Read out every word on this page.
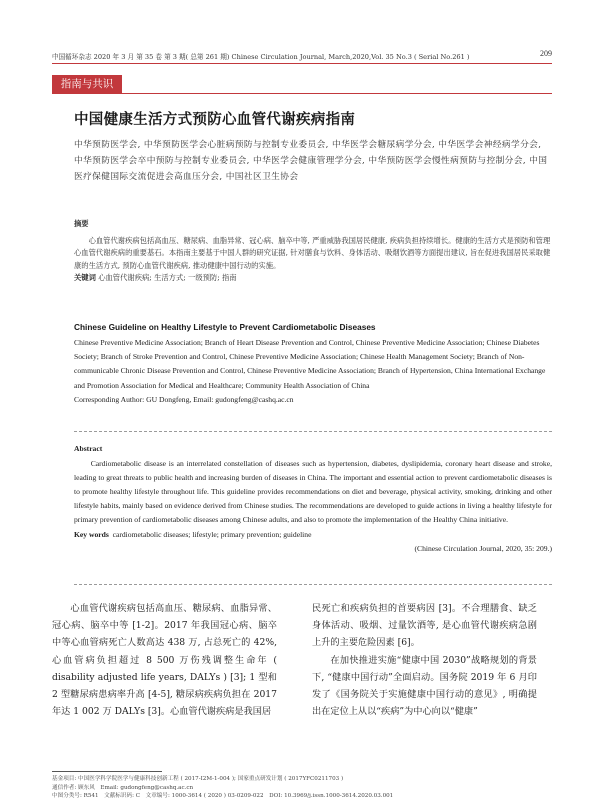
中国循环杂志 2020 年 3 月 第 35 卷 第 3 期( 总第 261 期) Chinese Circulation Journal, March,2020,Vol. 35 No.3 ( Serial No.261 )	209
指南与共识
中国健康生活方式预防心血管代谢疾病指南
中华预防医学会, 中华预防医学会心脏病预防与控制专业委员会, 中华医学会糖尿病学分会, 中华医学会神经病学分会, 中华预防医学会卒中预防与控制专业委员会, 中华医学会健康管理学分会, 中华预防医学会慢性病预防与控制分会, 中国医疗保健国际交流促进会高血压分会, 中国社区卫生协会
摘要
心血管代谢疾病包括高血压、糖尿病、血脂异常、冠心病、脑卒中等, 严重威胁我国居民健康, 疾病负担持续增长。健康的生活方式是预防和管理心血管代谢疾病的重要基石。本指南主要基于中国人群的研究证据, 针对膳食与饮料、身体活动、吸烟饮酒等方面提出建议, 旨在促进我国居民采取健康的生活方式, 预防心血管代谢疾病, 推动健康中国行动的实施。
关键词 心血管代谢疾病; 生活方式; 一级预防; 指南
Chinese Guideline on Healthy Lifestyle to Prevent Cardiometabolic Diseases
Chinese Preventive Medicine Association; Branch of Heart Disease Prevention and Control, Chinese Preventive Medicine Association; Chinese Diabetes Society; Branch of Stroke Prevention and Control, Chinese Preventive Medicine Association; Chinese Health Management Society; Branch of Non-communicable Chronic Disease Prevention and Control, Chinese Preventive Medicine Association; Branch of Hypertension, China International Exchange and Promotion Association for Medical and Healthcare; Community Health Association of China
Corresponding Author: GU Dongfeng, Email: gudongfeng@cashq.ac.cn
Abstract
Cardiometabolic disease is an interrelated constellation of diseases such as hypertension, diabetes, dyslipidemia, coronary heart disease and stroke, leading to great threats to public health and increasing burden of diseases in China. The important and essential action to prevent cardiometabolic diseases is to promote healthy lifestyle throughout life. This guideline provides recommendations on diet and beverage, physical activity, smoking, drinking and other lifestyle habits, mainly based on evidence derived from Chinese studies. The recommendations are developed to guide actions in living a healthy lifestyle for primary prevention of cardiometabolic diseases among Chinese adults, and also to promote the implementation of the Healthy China initiative.
Key words cardiometabolic diseases; lifestyle; primary prevention; guideline
(Chinese Circulation Journal, 2020, 35: 209.)

心血管代谢疾病包括高血压、糖尿病、血脂异常、冠心病、脑卒中等 [1-2]。2017 年我国冠心病、脑卒中等心血管病死亡人数高达 438 万, 占总死亡的 42%, 心血管病负担超过 8 500 万伤残调整生命年 ( disability adjusted life years, DALYs ) [3]; 1 型和 2 型糖尿病患病率升高 [4-5], 糖尿病疾病负担在 2017 年达 1 002 万 DALYs [3]。心血管代谢疾病是我国居

民死亡和疾病负担的首要病因 [3]。不合理膳食、缺乏身体活动、吸烟、过量饮酒等, 是心血管代谢疾病急剧上升的主要危险因素 [6]。

在加快推进实施“健康中国 2030”战略规划的背景下, “健康中国行动”全面启动。国务院 2019 年 6 月印发了《国务院关于实施健康中国行动的意见》, 明确提出在定位上从以“疾病”为中心向以“健康”

基金项目: 中国医学科学院医学与健康科技创新工程 ( 2017-I2M-1-004 ); 国家重点研发计划 ( 2017YFC0211703 )
通信作者: 顾东风　Email: gudongfeng@cashq.ac.cn
中图分类号: R541　文献标识码: C　文章编号: 1000-3614 ( 2020 ) 03-0209-022　DOI: 10.3969/j.issn.1000-3614.2020.03.001
